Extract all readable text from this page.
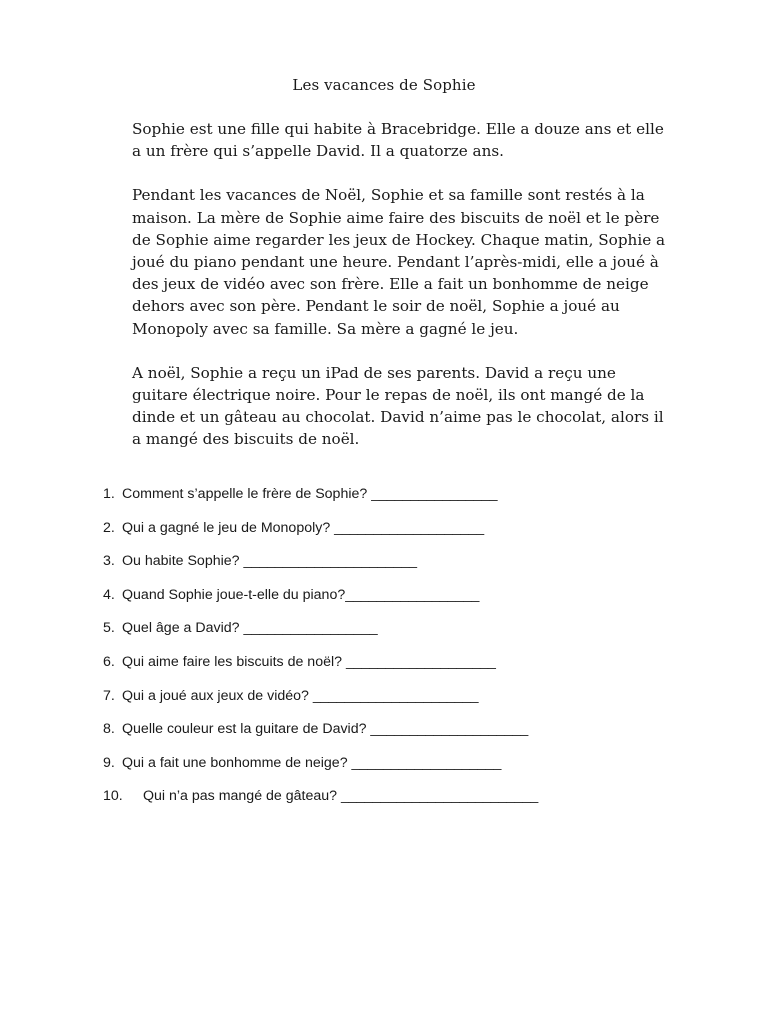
Les vacances de Sophie

Sophie est une fille qui habite à Bracebridge. Elle a douze ans et elle
a un frère qui s’appelle David. Il a quatorze ans.

Pendant les vacances de Noël, Sophie et sa famille sont restés à la
maison. La mère de Sophie aime faire des biscuits de noël et le père
de Sophie aime regarder les jeux de Hockey. Chaque matin, Sophie a
joué du piano pendant une heure. Pendant l’après-midi, elle a joué à
des jeux de vidéo avec son frère. Elle a fait un bonhomme de neige
dehors avec son père. Pendant le soir de noël, Sophie a joué au
Monopoly avec sa famille. Sa mère a gagné le jeu.

A noël, Sophie a reçu un iPad de ses parents. David a reçu une
guitare électrique noire. Pour le repas de noël, ils ont mangé de la
dinde et un gâteau au chocolat. David n’aime pas le chocolat, alors il
a mangé des biscuits de noël.

1. Comment s’appelle le frère de Sophie? ________________
2. Qui a gagné le jeu de Monopoly? ___________________
3. Ou habite Sophie? ______________________
4. Quand Sophie joue-t-elle du piano?_________________
5. Quel âge a David? _________________
6. Qui aime faire les biscuits de noël? ___________________
7. Qui a joué aux jeux de vidéo? _____________________
8. Quelle couleur est la guitare de David? ____________________
9. Qui a fait une bonhomme de neige? ___________________
10. Qui n’a pas mangé de gâteau? _________________________
